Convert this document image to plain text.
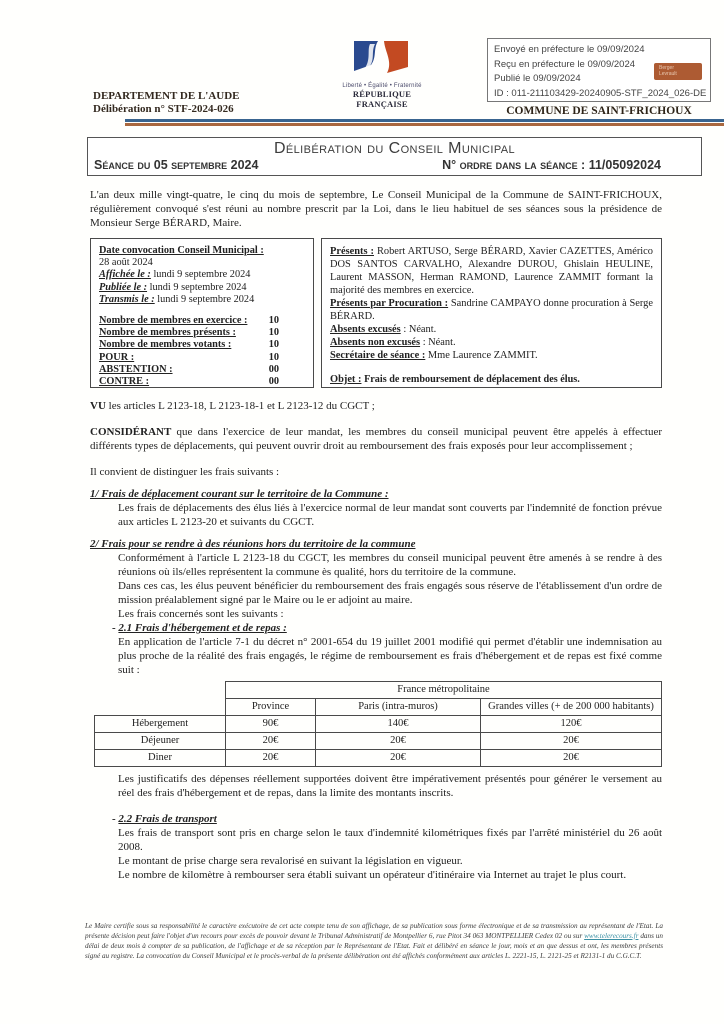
DEPARTEMENT DE L'AUDE
Délibération n° STF-2024-026
Liberté • Égalité • Fraternité
RÉPUBLIQUE FRANÇAISE
Envoyé en préfecture le 09/09/2024
Reçu en préfecture le 09/09/2024
Publié le 09/09/2024
ID : 011-211103429-20240905-STF_2024_026-DE
Berger
Levrault
COMMUNE DE SAINT-FRICHOUX
Délibération du Conseil Municipal
Séance du 05 septembre 2024	N° ordre dans la séance : 11/05092024

L'an deux mille vingt-quatre, le cinq du mois de septembre, Le Conseil Municipal de la Commune de SAINT-FRICHOUX, régulièrement convoqué s'est réuni au nombre prescrit par la Loi, dans le lieu habituel de ses séances sous la présidence de Monsieur Serge BÉRARD, Maire.

Date convocation Conseil Municipal :
28 août 2024
Affichée le : lundi 9 septembre 2024
Publiée le : lundi 9 septembre 2024
Transmis le : lundi 9 septembre 2024
Nombre de membres en exercice : 10
Nombre de membres présents :	10
Nombre de membres votants :	10
POUR :	10
ABSTENTION :	00
CONTRE :	00

Présents : Robert ARTUSO, Serge BÉRARD, Xavier CAZETTES, Américo DOS SANTOS CARVALHO, Alexandre DUROU, Ghislain HEULINE, Laurent MASSON, Herman RAMOND, Laurence ZAMMIT formant la majorité des membres en exercice.

Présents par Procuration : Sandrine CAMPAYO donne procuration à Serge BÉRARD.

Absents excusés : Néant.

Absents non excusés : Néant.

Secrétaire de séance : Mme Laurence ZAMMIT.

Objet : Frais de remboursement de déplacement des élus.

VU les articles L 2123-18, L 2123-18-1 et L 2123-12 du CGCT ;

CONSIDÉRANT que dans l'exercice de leur mandat, les membres du conseil municipal peuvent être appelés à effectuer différents types de déplacements, qui peuvent ouvrir droit au remboursement des frais exposés pour leur accomplissement ;

Il convient de distinguer les frais suivants :

1/ Frais de déplacement courant sur le territoire de la Commune :

Les frais de déplacements des élus liés à l'exercice normal de leur mandat sont couverts par l'indemnité de fonction prévue aux articles L 2123-20 et suivants du CGCT.

2/ Frais pour se rendre à des réunions hors du territoire de la commune

Conformément à l'article L 2123-18 du CGCT, les membres du conseil municipal peuvent être amenés à se rendre à des réunions où ils/elles représentent la commune ès qualité, hors du territoire de la commune.

Dans ces cas, les élus peuvent bénéficier du remboursement des frais engagés sous réserve de l'établissement d'un ordre de mission préalablement signé par le Maire ou le er adjoint au maire.

Les frais concernés sont les suivants :

- 2.1 Frais d'hébergement et de repas :

En application de l'article 7-1 du décret n° 2001-654 du 19 juillet 2001 modifié qui permet d'établir une indemnisation au plus proche de la réalité des frais engagés, le régime de remboursement es frais d'hébergement et de repas est fixé comme suit :

	France métropolitaine		
	Province	Paris (intra-muros)	Grandes villes (+ de 200 000 habitants)
Hébergement	90€	140€	120€
Déjeuner	20€	20€	20€
Diner	20€	20€	20€

Les justificatifs des dépenses réellement supportées doivent être impérativement présentés pour générer le versement au réel des frais d'hébergement et de repas, dans la limite des montants inscrits.

- 2.2 Frais de transport

Les frais de transport sont pris en charge selon le taux d'indemnité kilométriques fixés par l'arrêté ministériel du 26 août 2008.

Le montant de prise charge sera revalorisé en suivant la législation en vigueur.

Le nombre de kilomètre à rembourser sera établi suivant un opérateur d'itinéraire via Internet au trajet le plus court.

Le Maire certifie sous sa responsabilité le caractère exécutoire de cet acte compte tenu de son affichage, de sa publication sous forme électronique et de sa transmission au représentant de l'Etat. La présente décision peut faire l'objet d'un recours pour excès de pouvoir devant le Tribunal Administratif de Montpellier 6, rue Pitot 34 063 MONTPELLIER Cedex 02 ou sur www.telerecours.fr dans un délai de deux mois à compter de sa publication, de l'affichage et de sa réception par le Représentant de l'Etat. Fait et délibéré en séance le jour, mois et an que dessus et ont, les membres présents signé au registre. La convocation du Conseil Municipal et le procès-verbal de la présente délibération ont été affichés conformément aux articles L. 2221-15, L. 2121-25 et R2131-1 du C.G.C.T.
